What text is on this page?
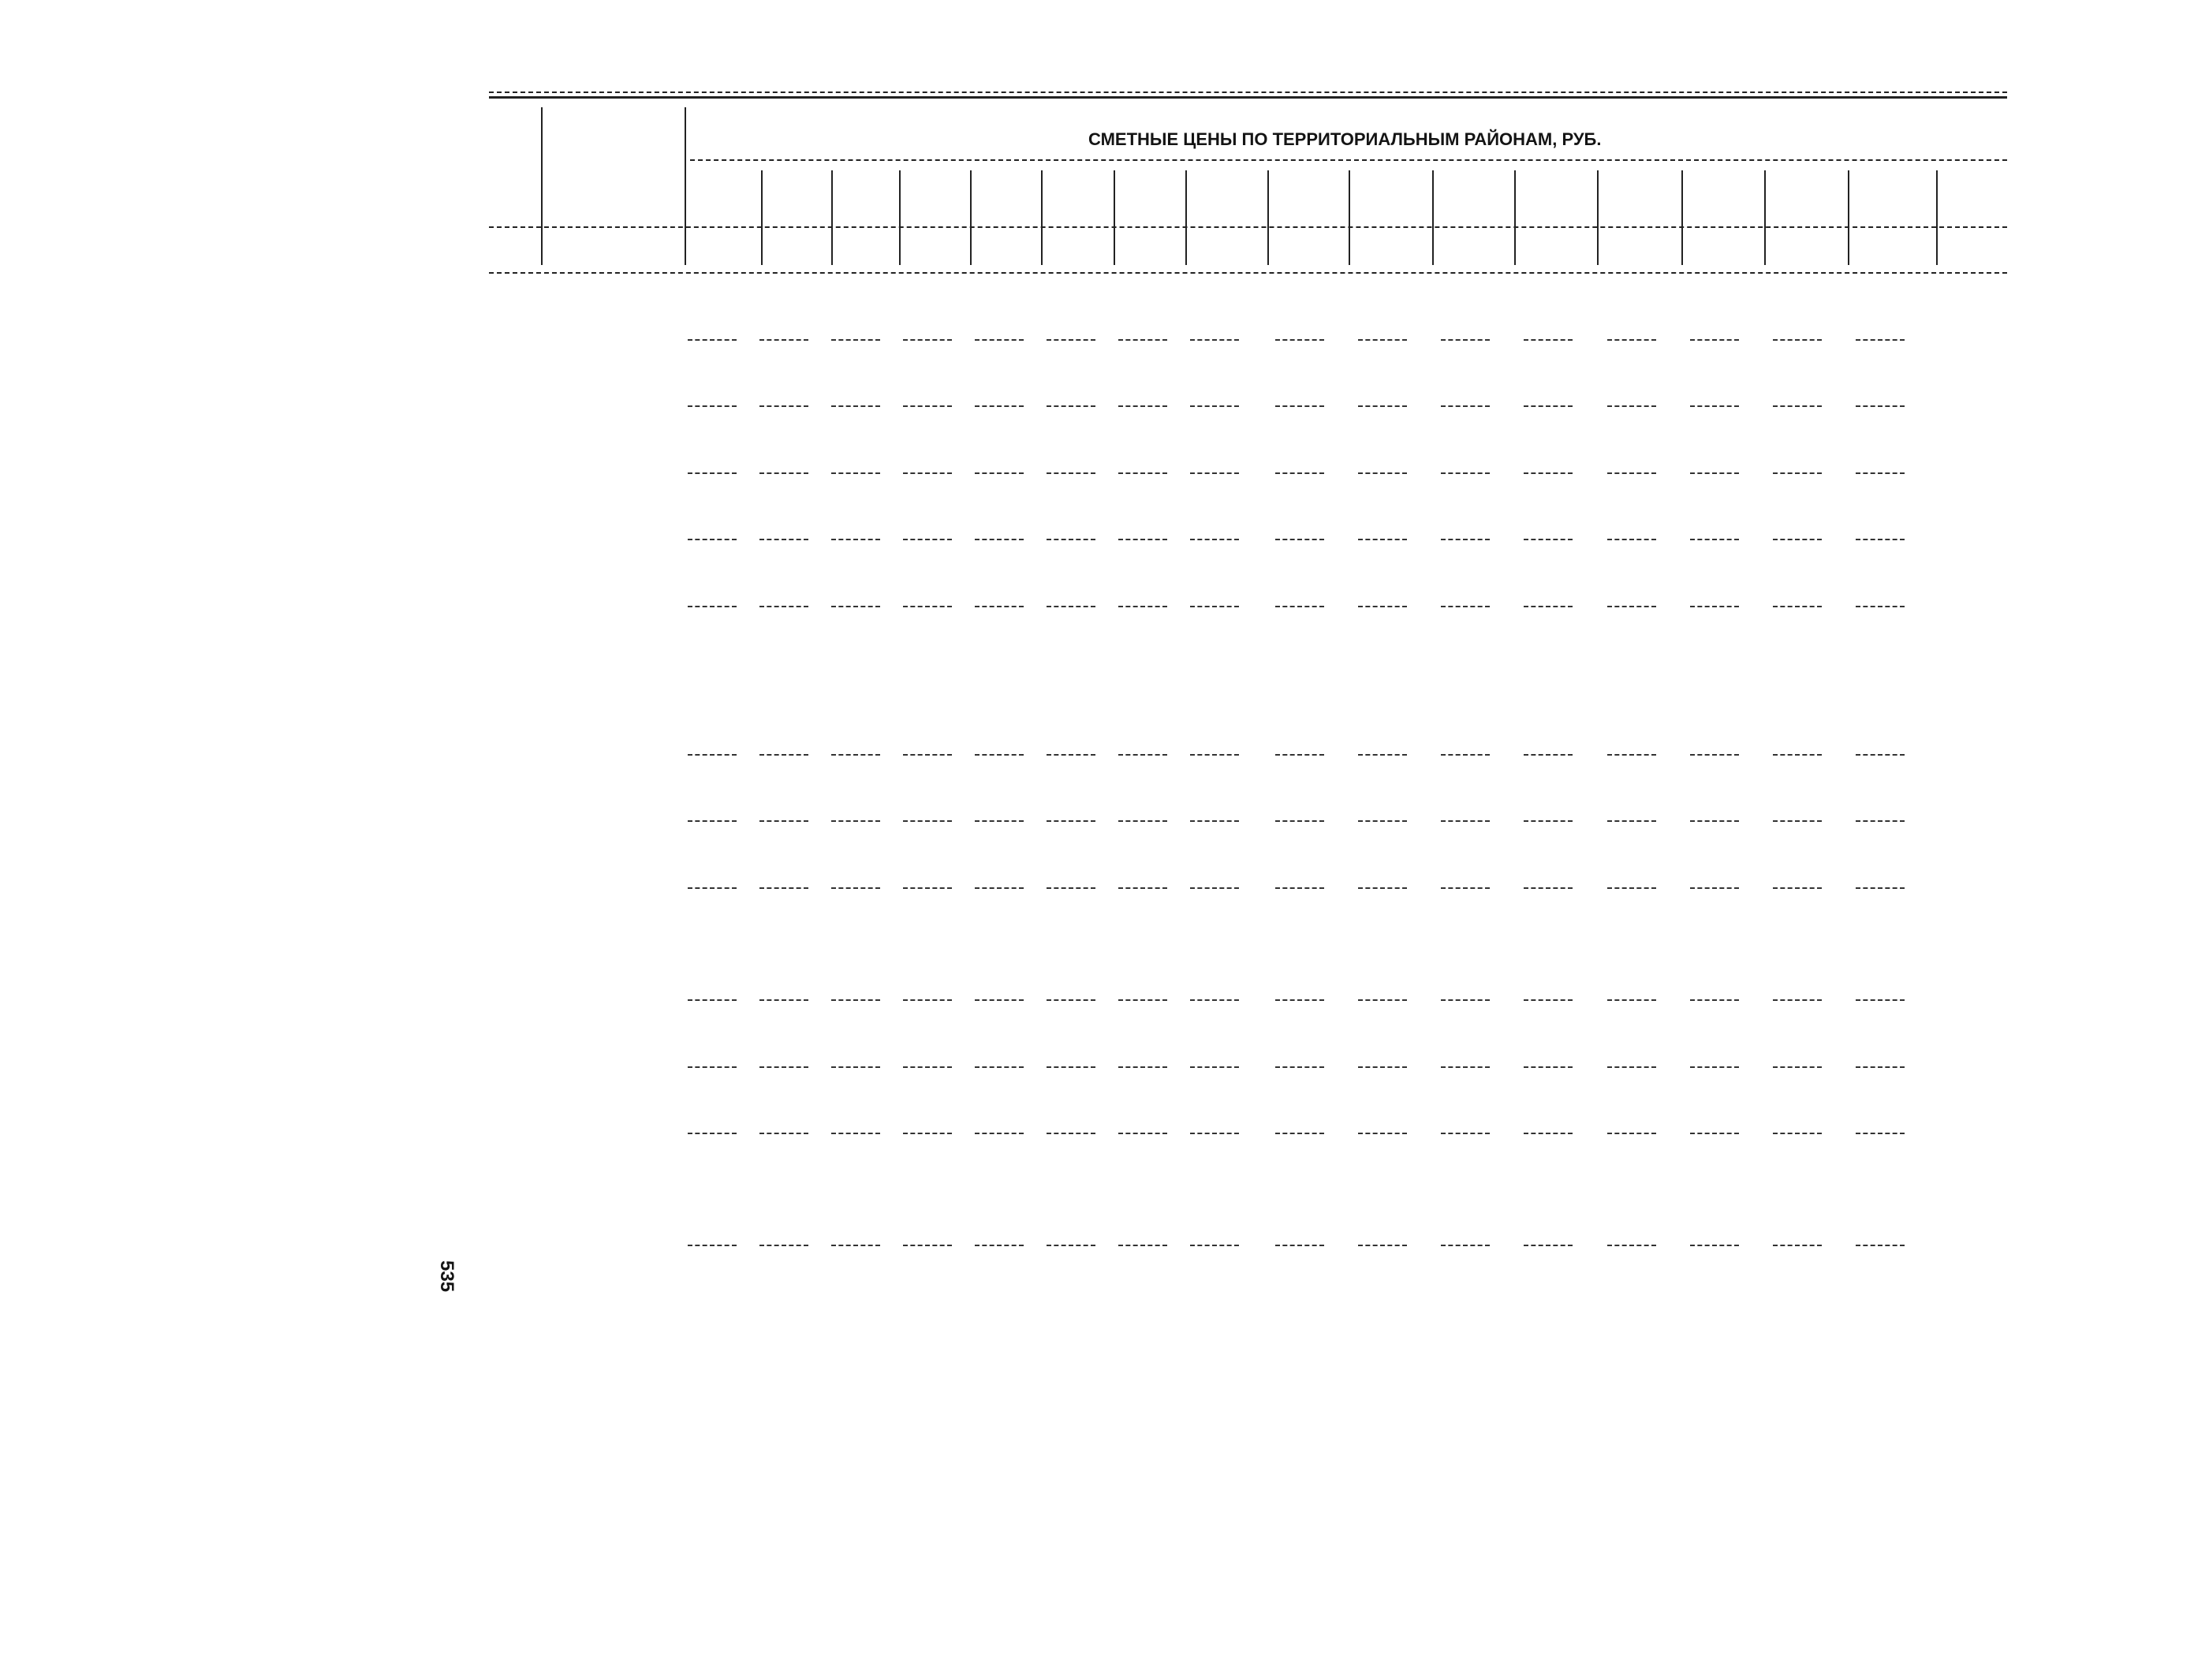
СМЕТНЫЕ ЦЕНЫ ПО ТЕРРИТОРИАЛЬНЫМ РАЙОНАМ, РУБ.
535
